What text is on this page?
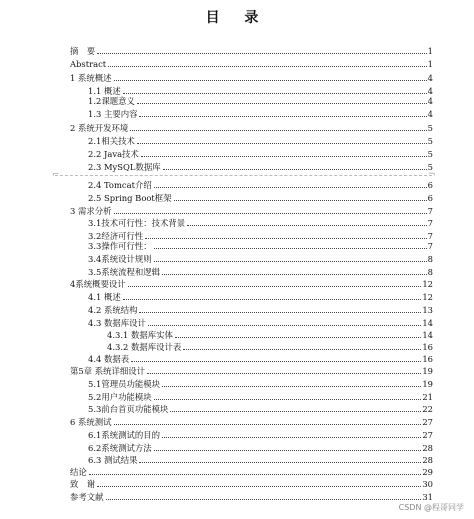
目 录
⌐	¬
摘　要	1
Abstract	1
1 系统概述	4
1.1 概述	4
1.2课题意义	4
1.3 主要内容	4
2 系统开发环境	5
2.1相关技术	5
2.2 Java技术	5
2.3 MySQL数据库	5
2.4 Tomcat介绍	6
2.5 Spring Boot框架	6
3 需求分析	7
3.1技术可行性：技术背景	7
3.2经济可行性	7
3.3操作可行性：	7
3.4系统设计规则	8
3.5系统流程和逻辑	8
4系统概要设计	12
4.1 概述	12
4.2 系统结构	13
4.3 数据库设计	14
4.3.1 数据库实体	14
4.3.2 数据库设计表	16
4.4 数据表	16
第5章 系统详细设计	19
5.1管理员功能模块	19
5.2用户功能模块	21
5.3前台首页功能模块	22
6 系统测试	27
6.1系统测试的目的	27
6.2系统测试方法	28
6.3 测试结果	28
结论	29
致　谢	30
参考文献	31
CSDN @程哥同学
